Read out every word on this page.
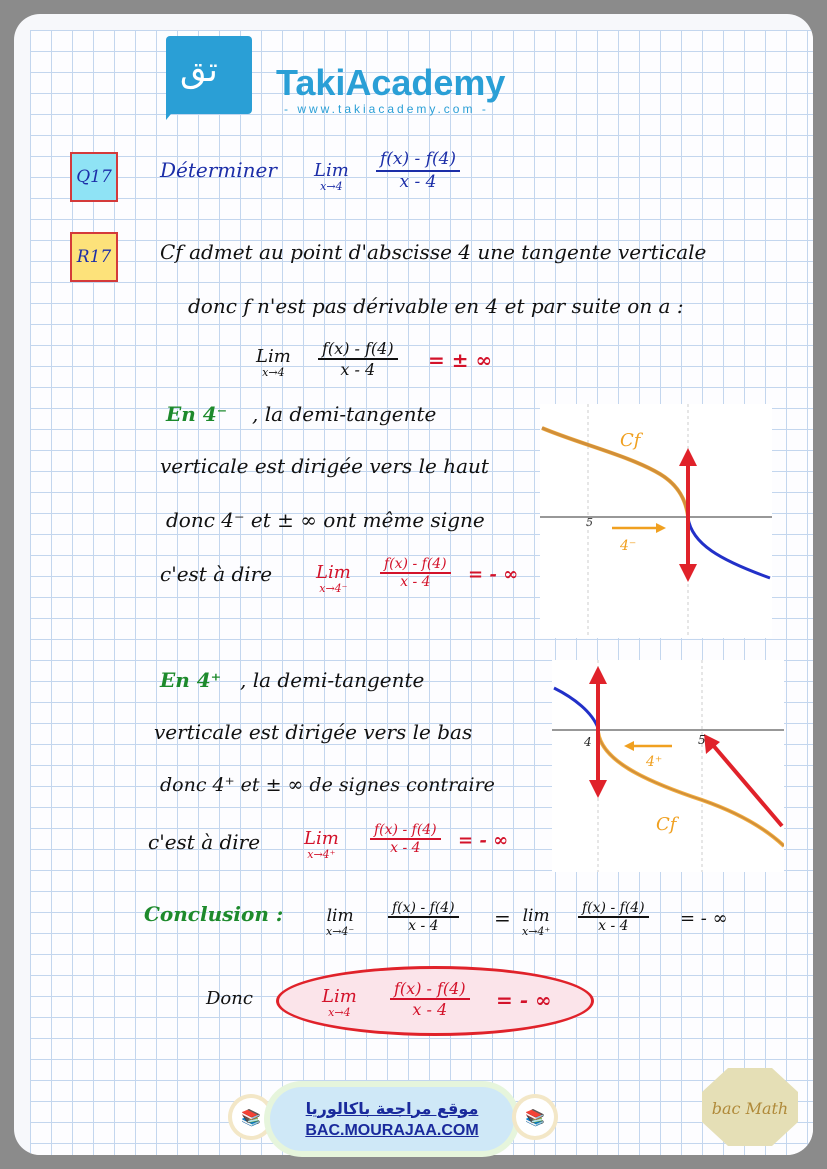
تق TakiAcademy
- www.takiacademy.com -
Q17	Déterminer Lim
$x\to 4 \frac{f(x) - f(4)}{x - 4}$
R17	Cf admet au point d'abscisse 4 une tangente verticale
donc f n'est pas dérivable en 4 et par suite on a :
Lim
$x\to 4 \frac{f(x) - f(4)}{x - 4}$ = ± ∞
En 4⁻ , la demi-tangente
verticale est dirigée vers le haut
donc 4⁻ et ± ∞ ont même signe
c'est à dire Lim
$x\to 4^- \frac{f(x) - f(4)}{x - 4}$ = - ∞
5
4⁻
Cf
En 4⁺ , la demi-tangente
verticale est dirigée vers le bas
donc 4⁺ et ± ∞ de signes contraire
c'est à dire Lim
$x\to 4^+ \frac{f(x) - f(4)}{x - 4}$ = - ∞
4	5
4⁺
Cf
Conclusion :	lim
$x\to 4^- \frac{f(x) - f(4)}{x - 4} = \lim$
$x\to 4^+ \frac{f(x) - f(4)}{x - 4}$ = - ∞
Donc	Lim
$x\to 4 \frac{f(x) - f(4)}{x - 4}$ = - ∞
📚	موقع مراجعة باكالوريا
BAC.MOURAJAA.COM
📚	bac Math
